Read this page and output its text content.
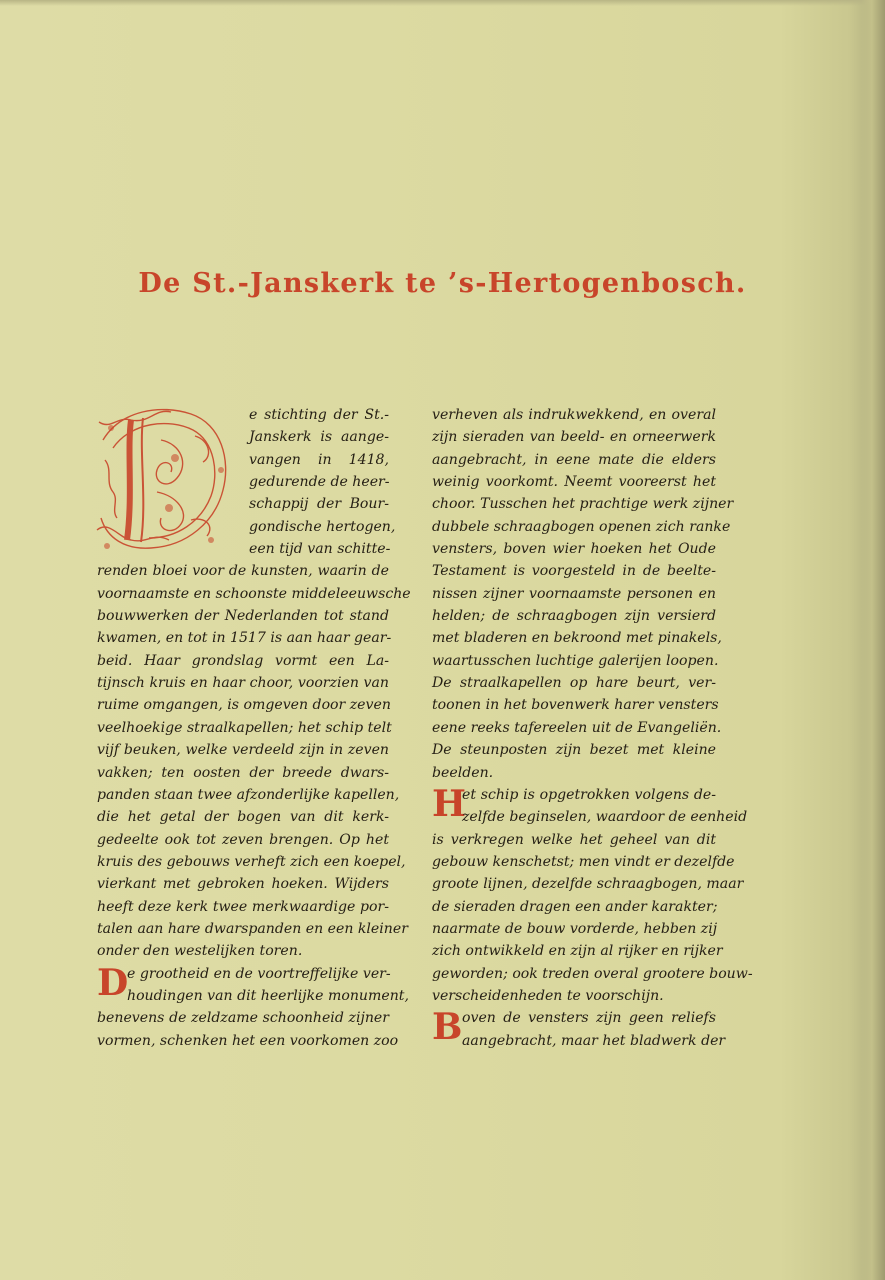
De St.-Janskerk te ’s-Hertogenbosch.
e stichting der St.-
Janskerk is aange-
vangen in 1418,
gedurende de heer-
schappij der Bour-
gondische hertogen,
een tijd van schitte-
renden bloei voor de kunsten, waarin de
voornaamste en schoonste middeleeuwsche
bouwwerken der Nederlanden tot stand
kwamen, en tot in 1517 is aan haar gear-
beid. Haar grondslag vormt een La-
tijnsch kruis en haar choor, voorzien van
ruime omgangen, is omgeven door zeven
veelhoekige straalkapellen; het schip telt
vijf beuken, welke verdeeld zijn in zeven
vakken; ten oosten der breede dwars-
panden staan twee afzonderlijke kapellen,
die het getal der bogen van dit kerk-
gedeelte ook tot zeven brengen. Op het
kruis des gebouws verheft zich een koepel,
vierkant met gebroken hoeken. Wijders
heeft deze kerk twee merkwaardige por-
talen aan hare dwarspanden en een kleiner
onder den westelijken toren.
D
e grootheid en de voortreffelijke ver-
houdingen van dit heerlijke monument,
benevens de zeldzame schoonheid zijner
vormen, schenken het een voorkomen zoo
verheven als indrukwekkend, en overal
zijn sieraden van beeld- en orneerwerk
aangebracht, in eene mate die elders
weinig voorkomt. Neemt vooreerst het
choor. Tusschen het prachtige werk zijner
dubbele schraagbogen openen zich ranke
vensters, boven wier hoeken het Oude
Testament is voorgesteld in de beelte-
nissen zijner voornaamste personen en
helden; de schraagbogen zijn versierd
met bladeren en bekroond met pinakels,
waartusschen luchtige galerijen loopen.
De straalkapellen op hare beurt, ver-
toonen in het bovenwerk harer vensters
eene reeks tafereelen uit de Evangeliën.
De steunposten zijn bezet met kleine
beelden.
H
et schip is opgetrokken volgens de-
zelfde beginselen, waardoor de eenheid
is verkregen welke het geheel van dit
gebouw kenschetst; men vindt er dezelfde
groote lijnen, dezelfde schraagbogen, maar
de sieraden dragen een ander karakter;
naarmate de bouw vorderde, hebben zij
zich ontwikkeld en zijn al rijker en rijker
geworden; ook treden overal grootere bouw-
verscheidenheden te voorschijn.
B oven de vensters zijn geen reliefs
aangebracht, maar het bladwerk der
